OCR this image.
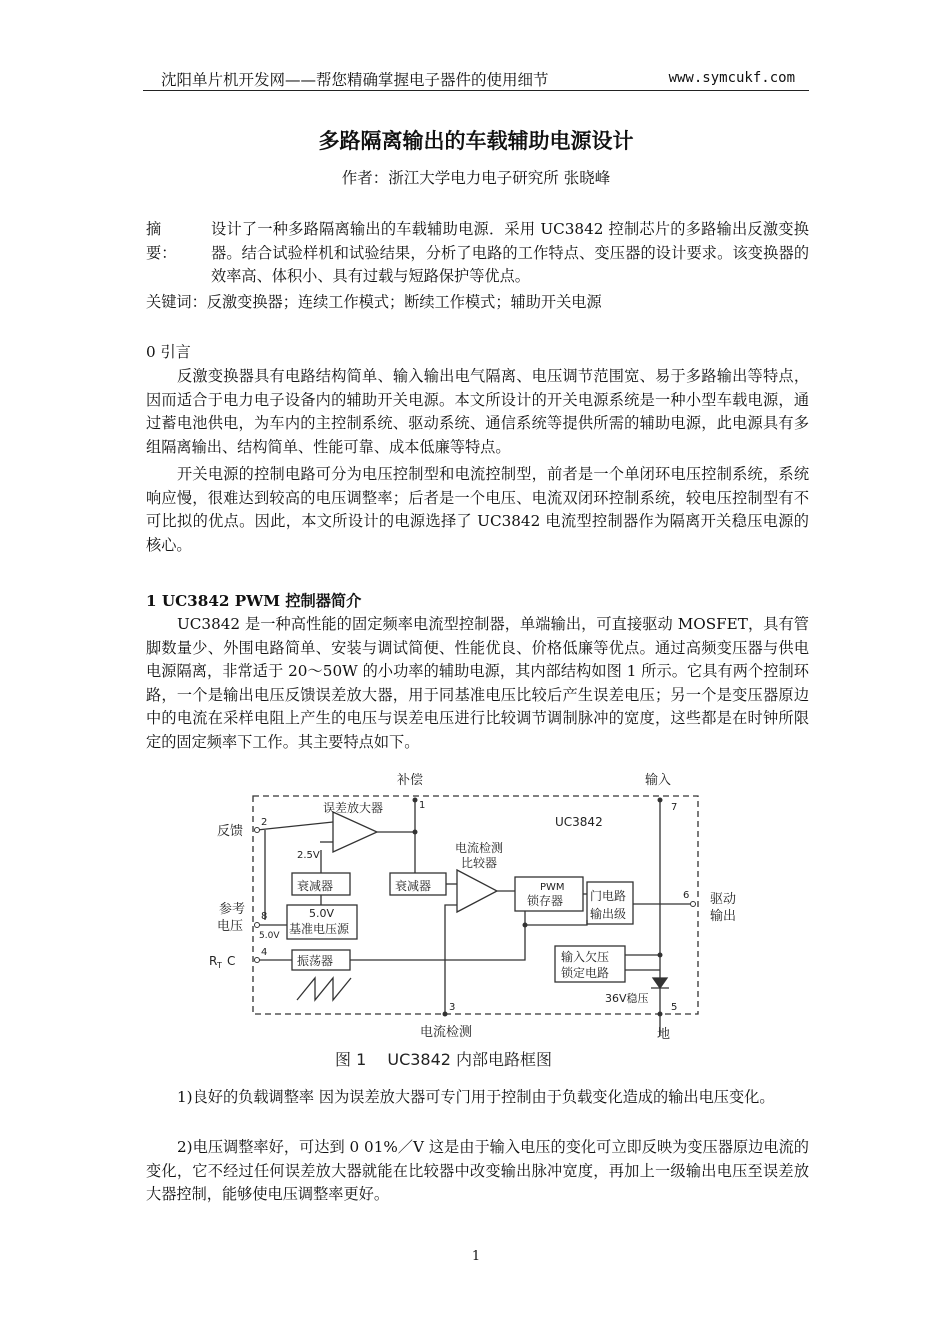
沈阳单片机开发网——帮您精确掌握电子器件的使用细节	www.symcukf.com
多路隔离输出的车载辅助电源设计
作者：浙江大学电力电子研究所 张晓峰
摘　要：
设计了一种多路隔离输出的车载辅助电源．采用 UC3842 控制芯片的多路输出反激变换器。结合试验样机和试验结果，分析了电路的工作特点、变压器的设计要求。该变换器的效率高、体积小、具有过载与短路保护等优点。
关键词：反激变换器；连续工作模式；断续工作模式；辅助开关电源
0 引言
反激变换器具有电路结构简单、输入输出电气隔离、电压调节范围宽、易于多路输出等特点，因而适合于电力电子设备内的辅助开关电源。本文所设计的开关电源系统是一种小型车载电源，通过蓄电池供电，为车内的主控制系统、驱动系统、通信系统等提供所需的辅助电源，此电源具有多组隔离输出、结构简单、性能可靠、成本低廉等特点。
开关电源的控制电路可分为电压控制型和电流控制型，前者是一个单闭环电压控制系统，系统响应慢，很难达到较高的电压调整率；后者是一个电压、电流双闭环控制系统，较电压控制型有不可比拟的优点。因此，本文所设计的电源选择了 UC3842 电流型控制器作为隔离开关稳压电源的核心。
1 UC3842 PWM 控制器简介
UC3842 是一种高性能的固定频率电流型控制器，单端输出，可直接驱动 MOSFET，具有管脚数量少、外围电路简单、安装与调试简便、性能优良、价格低廉等优点。通过高频变压器与供电电源隔离，非常适于 20～50W 的小功率的辅助电源，其内部结构如图 1 所示。它具有两个控制环路，一个是输出电压反馈误差放大器，用于同基准电压比较后产生误差电压；另一个是变压器原边中的电流在采样电阻上产生的电压与误差电压进行比较调节调制脉冲的宽度，这些都是在时钟所限定的固定频率下工作。其主要特点如下。
补偿	输入
UC3842
反馈
误差放大器
2.5V
衰减器	衰减器
电流检测
比较器
PWM
锁存器 门电路
输出级
驱动
输出
参考
电压
5.0V
5.0V 基准电压源
R T C	振荡器	输入欠压
锁定电路
36V稳压
地
电流检测
1
2
3
4
5
6
7
8
图 1　 UC3842 内部电路框图
1)良好的负载调整率 因为误差放大器可专门用于控制由于负载变化造成的输出电压变化。
2)电压调整率好，可达到 0 01%／V 这是由于输入电压的变化可立即反映为变压器原边电流的变化，它不经过任何误差放大器就能在比较器中改变输出脉冲宽度，再加上一级输出电压至误差放大器控制，能够使电压调整率更好。
1
